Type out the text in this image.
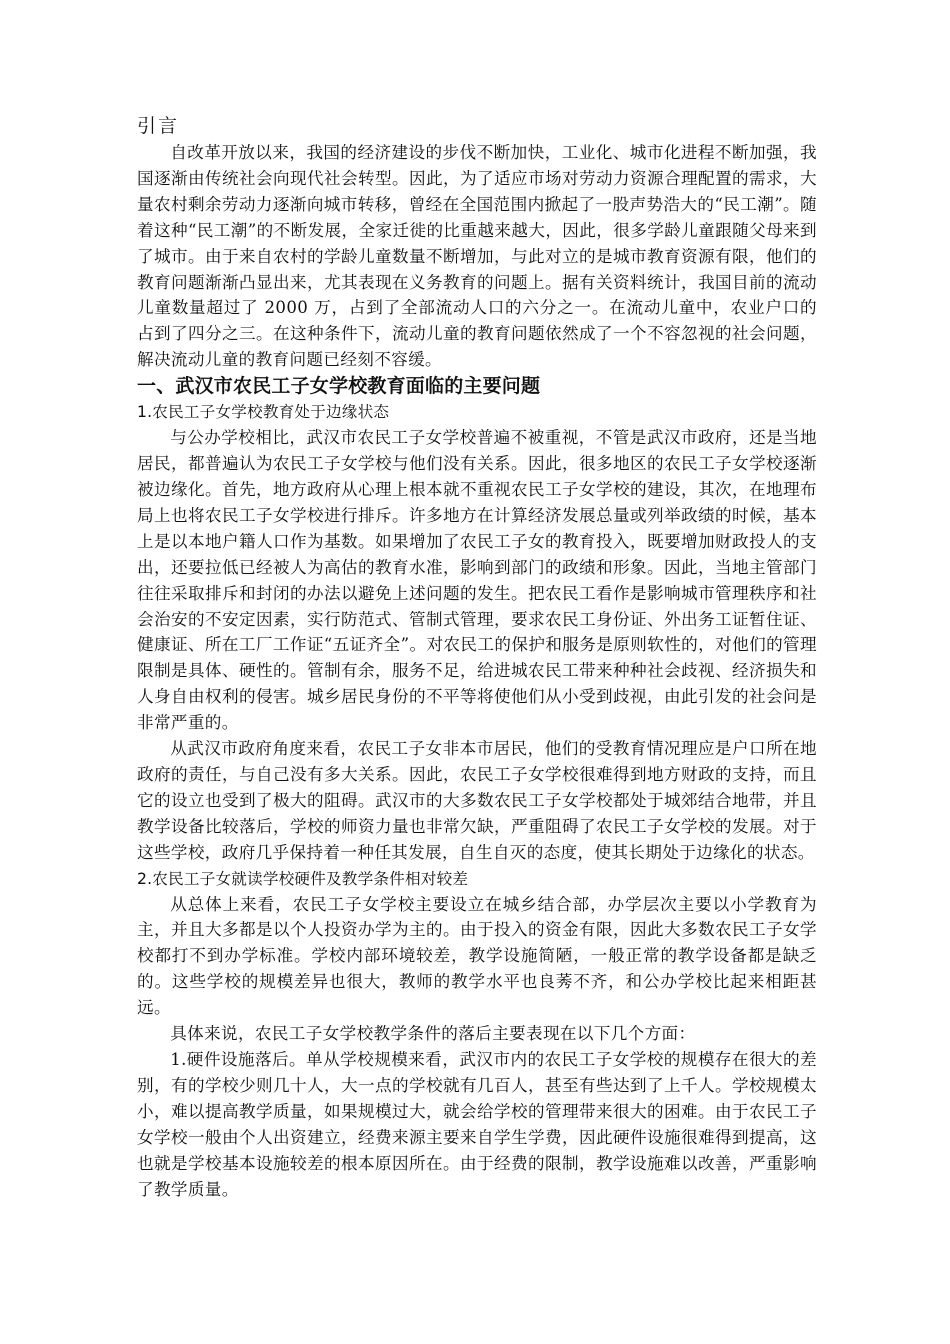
引言

自改革开放以来，我国的经济建设的步伐不断加快，工业化、城市化进程不断加强，我国逐渐由传统社会向现代社会转型。因此，为了适应市场对劳动力资源合理配置的需求，大量农村剩余劳动力逐渐向城市转移，曾经在全国范围内掀起了一股声势浩大的“民工潮”。随着这种“民工潮”的不断发展，全家迁徙的比重越来越大，因此，很多学龄儿童跟随父母来到了城市。由于来自农村的学龄儿童数量不断增加，与此对立的是城市教育资源有限，他们的教育问题渐渐凸显出来，尤其表现在义务教育的问题上。据有关资料统计，我国目前的流动儿童数量超过了 2000 万，占到了全部流动人口的六分之一。在流动儿童中，农业户口的占到了四分之三。在这种条件下，流动儿童的教育问题依然成了一个不容忽视的社会问题，解决流动儿童的教育问题已经刻不容缓。

一、武汉市农民工子女学校教育面临的主要问题
1.农民工子女学校教育处于边缘状态

与公办学校相比，武汉市农民工子女学校普遍不被重视，不管是武汉市政府，还是当地居民，都普遍认为农民工子女学校与他们没有关系。因此，很多地区的农民工子女学校逐渐被边缘化。首先，地方政府从心理上根本就不重视农民工子女学校的建设，其次，在地理布局上也将农民工子女学校进行排斥。许多地方在计算经济发展总量或列举政绩的时候，基本上是以本地户籍人口作为基数。如果增加了农民工子女的教育投入，既要增加财政投人的支出，还要拉低已经被人为高估的教育水准，影响到部门的政绩和形象。因此，当地主管部门往往采取排斥和封闭的办法以避免上述问题的发生。把农民工看作是影响城市管理秩序和社会治安的不安定因素，实行防范式、管制式管理，要求农民工身份证、外出务工证暂住证、健康证、所在工厂工作证“五证齐全”。对农民工的保护和服务是原则软性的，对他们的管理限制是具体、硬性的。管制有余，服务不足，给进城农民工带来种种社会歧视、经济损失和人身自由权利的侵害。城乡居民身份的不平等将使他们从小受到歧视，由此引发的社会问是非常严重的。

从武汉市政府角度来看，农民工子女非本市居民，他们的受教育情况理应是户口所在地政府的责任，与自己没有多大关系。因此，农民工子女学校很难得到地方财政的支持，而且它的设立也受到了极大的阻碍。武汉市的大多数农民工子女学校都处于城郊结合地带，并且教学设备比较落后，学校的师资力量也非常欠缺，严重阻碍了农民工子女学校的发展。对于这些学校，政府几乎保持着一种任其发展，自生自灭的态度，使其长期处于边缘化的状态。

2.农民工子女就读学校硬件及教学条件相对较差

从总体上来看，农民工子女学校主要设立在城乡结合部，办学层次主要以小学教育为主，并且大多都是以个人投资办学为主的。由于投入的资金有限，因此大多数农民工子女学校都打不到办学标准。学校内部环境较差，教学设施简陋，一般正常的教学设备都是缺乏的。这些学校的规模差异也很大，教师的教学水平也良莠不齐，和公办学校比起来相距甚远。

具体来说，农民工子女学校教学条件的落后主要表现在以下几个方面：

1.硬件设施落后。单从学校规模来看，武汉市内的农民工子女学校的规模存在很大的差别，有的学校少则几十人，大一点的学校就有几百人，甚至有些达到了上千人。学校规模太小，难以提高教学质量，如果规模过大，就会给学校的管理带来很大的困难。由于农民工子女学校一般由个人出资建立，经费来源主要来自学生学费，因此硬件设施很难得到提高，这也就是学校基本设施较差的根本原因所在。由于经费的限制，教学设施难以改善，严重影响了教学质量。
